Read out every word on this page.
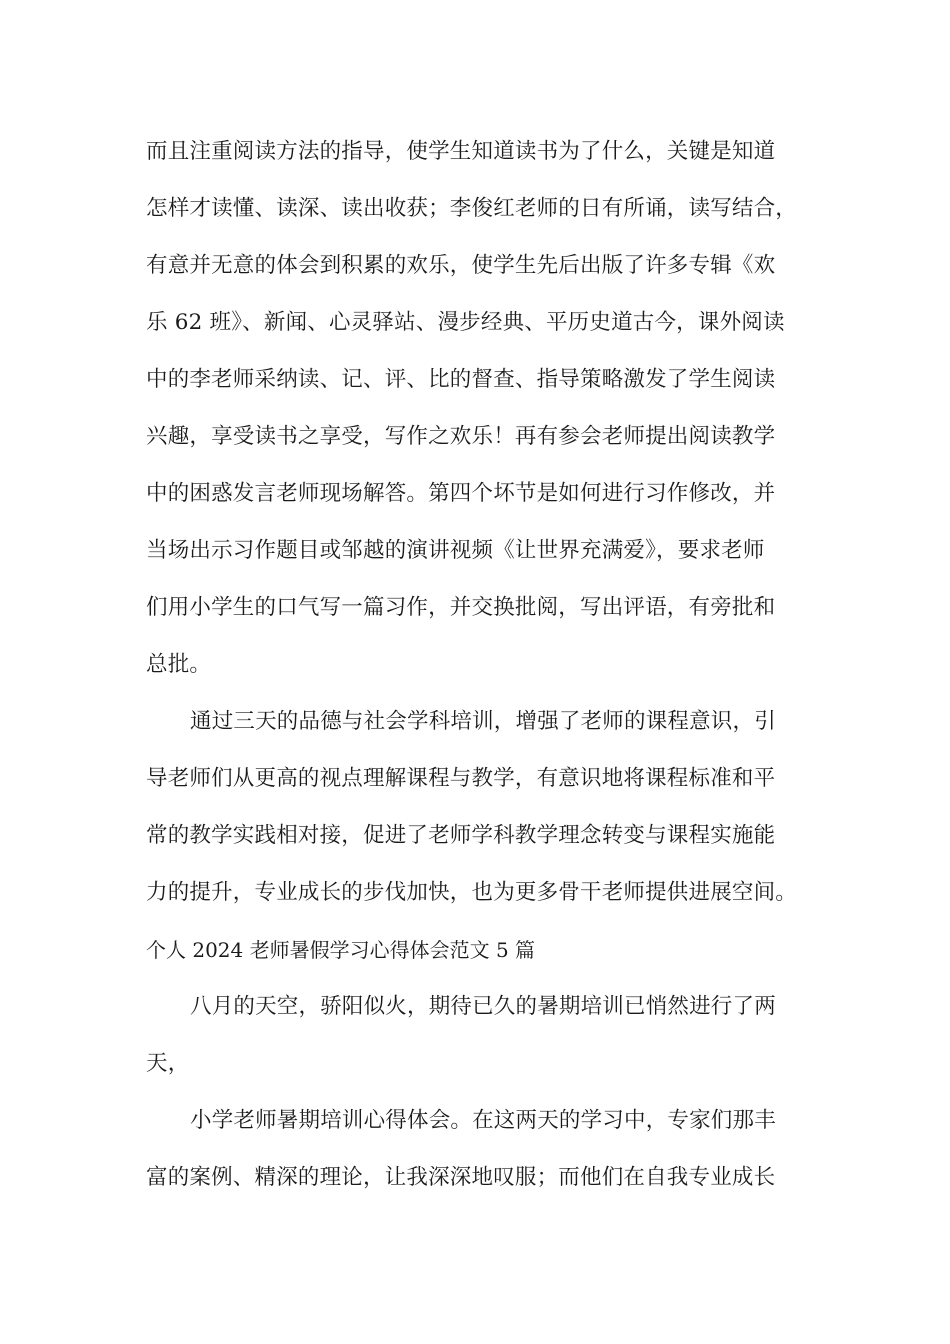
而且注重阅读方法的指导，使学生知道读书为了什么，关键是知道
怎样才读懂、读深、读出收获；李俊红老师的日有所诵，读写结合，
有意并无意的体会到积累的欢乐，使学生先后出版了许多专辑《欢
乐 62 班》、新闻、心灵驿站、漫步经典、平历史道古今，课外阅读
中的李老师采纳读、记、评、比的督查、指导策略激发了学生阅读
兴趣，享受读书之享受，写作之欢乐！再有参会老师提出阅读教学
中的困惑发言老师现场解答。第四个坏节是如何进行习作修改，并
当场出示习作题目或邹越的演讲视频《让世界充满爱》，要求老师
们用小学生的口气写一篇习作，并交换批阅，写出评语，有旁批和
总批。
通过三天的品德与社会学科培训，增强了老师的课程意识，引
导老师们从更高的视点理解课程与教学，有意识地将课程标准和平
常的教学实践相对接，促进了老师学科教学理念转变与课程实施能
力的提升，专业成长的步伐加快，也为更多骨干老师提供进展空间。
个人 2024 老师暑假学习心得体会范文 5 篇
八月的天空，骄阳似火，期待已久的暑期培训已悄然进行了两
天，
小学老师暑期培训心得体会。在这两天的学习中，专家们那丰
富的案例、精深的理论，让我深深地叹服；而他们在自我专业成长
